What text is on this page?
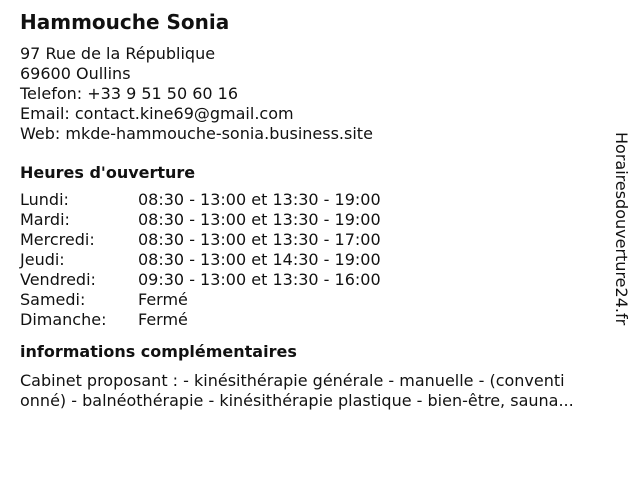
Hammouche Sonia
97 Rue de la République
69600 Oullins
Telefon: +33 9 51 50 60 16
Email: contact.kine69@gmail.com
Web: mkde-hammouche-sonia.business.site
Heures d'ouverture
Lundi:	08:30 - 13:00 et 13:30 - 19:00
Mardi:	08:30 - 13:00 et 13:30 - 19:00
Mercredi:	08:30 - 13:00 et 13:30 - 17:00
Jeudi:	08:30 - 13:00 et 14:30 - 19:00
Vendredi:	09:30 - 13:00 et 13:30 - 16:00
Samedi:	Fermé
Dimanche:	Fermé
informations complémentaires
Cabinet proposant : - kinésithérapie générale - manuelle - (conventi
onné) - balnéothérapie - kinésithérapie plastique - bien-être, sauna...
Horairesdouverture24.fr
